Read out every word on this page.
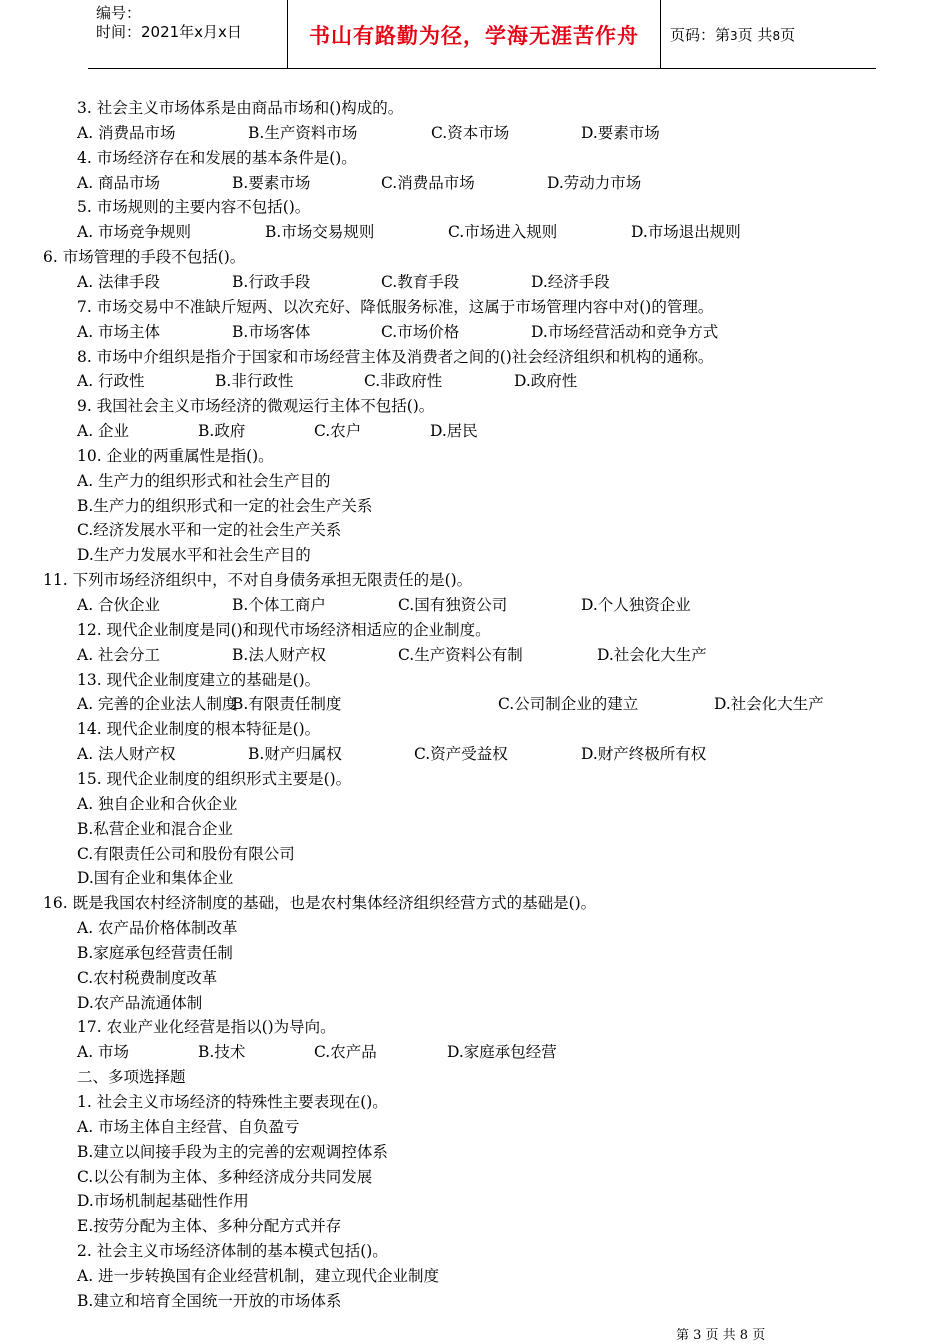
编号：
时间：2021年x月x日	书山有路勤为径，学海无涯苦作舟	页码：第3页 共8页
3. 社会主义市场体系是由商品市场和()构成的。
A. 消费品市场	B.生产资料市场	C.资本市场	D.要素市场
4. 市场经济存在和发展的基本条件是()。
A. 商品市场	B.要素市场	C.消费品市场	D.劳动力市场
5. 市场规则的主要内容不包括()。
A. 市场竞争规则	B.市场交易规则	C.市场进入规则	D.市场退出规则
6. 市场管理的手段不包括()。
A. 法律手段	B.行政手段	C.教育手段	D.经济手段
7. 市场交易中不准缺斤短两、以次充好、降低服务标准，这属于市场管理内容中对()的管理。
A. 市场主体	B.市场客体	C.市场价格	D.市场经营活动和竞争方式
8. 市场中介组织是指介于国家和市场经营主体及消费者之间的()社会经济组织和机构的通称。
A. 行政性	B.非行政性	C.非政府性	D.政府性
9. 我国社会主义市场经济的微观运行主体不包括()。
A. 企业	B.政府	C.农户	D.居民
10. 企业的两重属性是指()。
A. 生产力的组织形式和社会生产目的
B.生产力的组织形式和一定的社会生产关系
C.经济发展水平和一定的社会生产关系
D.生产力发展水平和社会生产目的
11. 下列市场经济组织中，不对自身债务承担无限责任的是()。
A. 合伙企业	B.个体工商户	C.国有独资公司	D.个人独资企业
12. 现代企业制度是同()和现代市场经济相适应的企业制度。
A. 社会分工	B.法人财产权	C.生产资料公有制	D.社会化大生产
13. 现代企业制度建立的基础是()。
A. 完善的企业法人制度
B.有限责任制度	C.公司制企业的建立	D.社会化大生产
14. 现代企业制度的根本特征是()。
A. 法人财产权	B.财产归属权	C.资产受益权	D.财产终极所有权
15. 现代企业制度的组织形式主要是()。
A. 独自企业和合伙企业
B.私营企业和混合企业
C.有限责任公司和股份有限公司
D.国有企业和集体企业
16. 既是我国农村经济制度的基础，也是农村集体经济组织经营方式的基础是()。
A. 农产品价格体制改革
B.家庭承包经营责任制
C.农村税费制度改革
D.农产品流通体制
17. 农业产业化经营是指以()为导向。
A. 市场	B.技术	C.农产品	D.家庭承包经营
二、多项选择题
1. 社会主义市场经济的特殊性主要表现在()。
A. 市场主体自主经营、自负盈亏
B.建立以间接手段为主的完善的宏观调控体系
C.以公有制为主体、多种经济成分共同发展
D.市场机制起基础性作用
E.按劳分配为主体、多种分配方式并存
2. 社会主义市场经济体制的基本模式包括()。
A. 进一步转换国有企业经营机制，建立现代企业制度
B.建立和培育全国统一开放的市场体系
第 3 页 共 8 页
